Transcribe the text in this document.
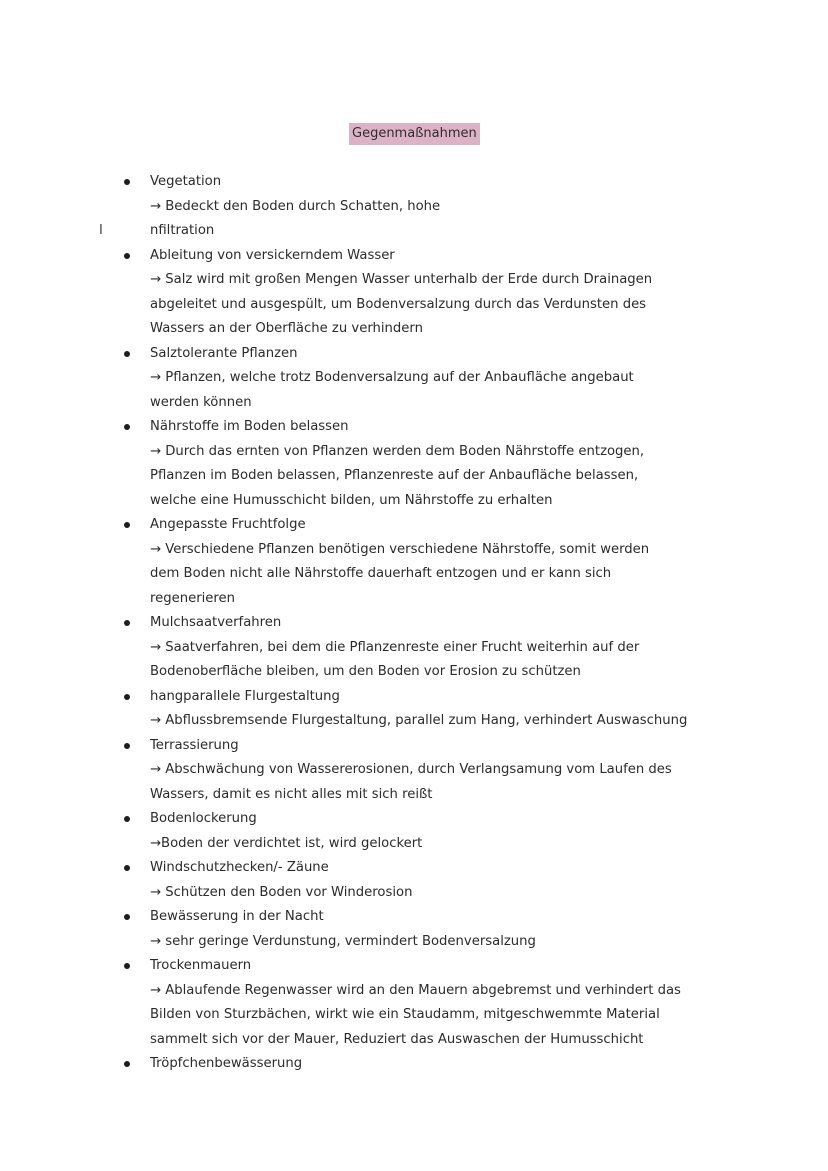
Gegenmaßnahmen
I
Vegetation
→ Bedeckt den Boden durch Schatten, hohe
nfiltration
Ableitung von versickerndem Wasser
→ Salz wird mit großen Mengen Wasser unterhalb der Erde durch Drainagen
abgeleitet und ausgespült, um Bodenversalzung durch das Verdunsten des
Wassers an der Oberfläche zu verhindern
Salztolerante Pflanzen
→ Pflanzen, welche trotz Bodenversalzung auf der Anbaufläche angebaut
werden können
Nährstoffe im Boden belassen
→ Durch das ernten von Pflanzen werden dem Boden Nährstoffe entzogen,
Pflanzen im Boden belassen, Pflanzenreste auf der Anbaufläche belassen,
welche eine Humusschicht bilden, um Nährstoffe zu erhalten
Angepasste Fruchtfolge
→ Verschiedene Pflanzen benötigen verschiedene Nährstoffe, somit werden
dem Boden nicht alle Nährstoffe dauerhaft entzogen und er kann sich
regenerieren
Mulchsaatverfahren
→ Saatverfahren, bei dem die Pflanzenreste einer Frucht weiterhin auf der
Bodenoberfläche bleiben, um den Boden vor Erosion zu schützen
hangparallele Flurgestaltung
→ Abflussbremsende Flurgestaltung, parallel zum Hang, verhindert Auswaschung
Terrassierung
→ Abschwächung von Wassererosionen, durch Verlangsamung vom Laufen des
Wassers, damit es nicht alles mit sich reißt
Bodenlockerung
→Boden der verdichtet ist, wird gelockert
Windschutzhecken/- Zäune
→ Schützen den Boden vor Winderosion
Bewässerung in der Nacht
→ sehr geringe Verdunstung, vermindert Bodenversalzung
Trockenmauern
→ Ablaufende Regenwasser wird an den Mauern abgebremst und verhindert das
Bilden von Sturzbächen, wirkt wie ein Staudamm, mitgeschwemmte Material
sammelt sich vor der Mauer, Reduziert das Auswaschen der Humusschicht
Tröpfchenbewässerung
